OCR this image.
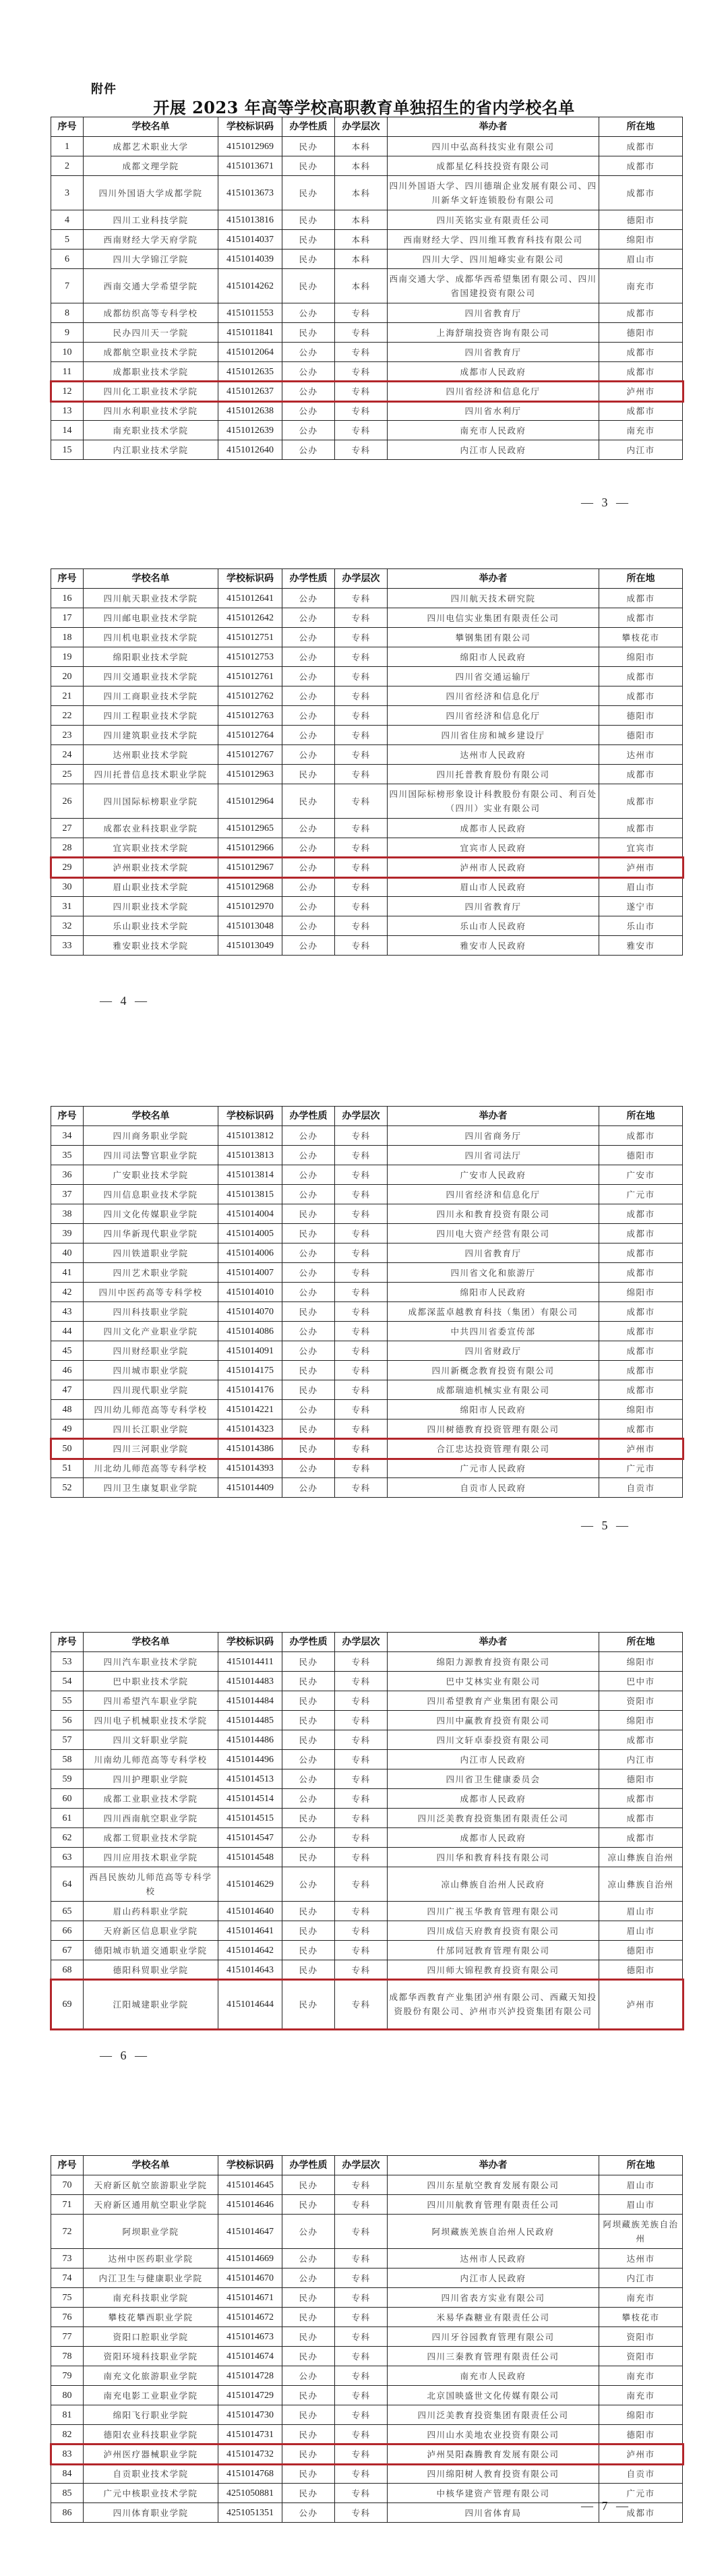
附件
开展 2023 年高等学校高职教育单独招生的省内学校名单
序号	学校名单	学校标识码	办学性质	办学层次	举办者	所在地
1	成都艺术职业大学	4151012969	民办	本科	四川中弘高科技实业有限公司	成都市
2	成都文理学院	4151013671	民办	本科	成都星亿科技投资有限公司	成都市
3	四川外国语大学成都学院	4151013673	民办	本科	四川外国语大学、四川德瑞企业发展有限公司、四川新华文轩连锁股份有限公司	成都市
4	四川工业科技学院	4151013816	民办	本科	四川芙铭实业有限责任公司	德阳市
5	西南财经大学天府学院	4151014037	民办	本科	西南财经大学、四川维耳教育科技有限公司	绵阳市
6	四川大学锦江学院	4151014039	民办	本科	四川大学、四川旭峰实业有限公司	眉山市
7	西南交通大学希望学院	4151014262	民办	本科	西南交通大学、成都华西希望集团有限公司、四川省国建投资有限公司	南充市
8	成都纺织高等专科学校	4151011553	公办	专科	四川省教育厅	成都市
9	民办四川天一学院	4151011841	民办	专科	上海舒瑞投资咨询有限公司	德阳市
10	成都航空职业技术学院	4151012064	公办	专科	四川省教育厅	成都市
11	成都职业技术学院	4151012635	公办	专科	成都市人民政府	成都市
12	四川化工职业技术学院	4151012637	公办	专科	四川省经济和信息化厅	泸州市
13	四川水利职业技术学院	4151012638	公办	专科	四川省水利厅	成都市
14	南充职业技术学院	4151012639	公办	专科	南充市人民政府	南充市
15	内江职业技术学院	4151012640	公办	专科	内江市人民政府	内江市
— 3 —
序号	学校名单	学校标识码	办学性质	办学层次	举办者	所在地
16	四川航天职业技术学院	4151012641	公办	专科	四川航天技术研究院	成都市
17	四川邮电职业技术学院	4151012642	公办	专科	四川电信实业集团有限责任公司	成都市
18	四川机电职业技术学院	4151012751	公办	专科	攀钢集团有限公司	攀枝花市
19	绵阳职业技术学院	4151012753	公办	专科	绵阳市人民政府	绵阳市
20	四川交通职业技术学院	4151012761	公办	专科	四川省交通运输厅	成都市
21	四川工商职业技术学院	4151012762	公办	专科	四川省经济和信息化厅	成都市
22	四川工程职业技术学院	4151012763	公办	专科	四川省经济和信息化厅	德阳市
23	四川建筑职业技术学院	4151012764	公办	专科	四川省住房和城乡建设厅	德阳市
24	达州职业技术学院	4151012767	公办	专科	达州市人民政府	达州市
25	四川托普信息技术职业学院	4151012963	民办	专科	四川托普教育股份有限公司	成都市
26	四川国际标榜职业学院	4151012964	民办	专科	四川国际标榜形象设计科教股份有限公司、利百处（四川）实业有限公司	成都市
27	成都农业科技职业学院	4151012965	公办	专科	成都市人民政府	成都市
28	宜宾职业技术学院	4151012966	公办	专科	宜宾市人民政府	宜宾市
29	泸州职业技术学院	4151012967	公办	专科	泸州市人民政府	泸州市
30	眉山职业技术学院	4151012968	公办	专科	眉山市人民政府	眉山市
31	四川职业技术学院	4151012970	公办	专科	四川省教育厅	遂宁市
32	乐山职业技术学院	4151013048	公办	专科	乐山市人民政府	乐山市
33	雅安职业技术学院	4151013049	公办	专科	雅安市人民政府	雅安市
— 4 —
序号	学校名单	学校标识码	办学性质	办学层次	举办者	所在地
34	四川商务职业学院	4151013812	公办	专科	四川省商务厅	成都市
35	四川司法警官职业学院	4151013813	公办	专科	四川省司法厅	德阳市
36	广安职业技术学院	4151013814	公办	专科	广安市人民政府	广安市
37	四川信息职业技术学院	4151013815	公办	专科	四川省经济和信息化厅	广元市
38	四川文化传媒职业学院	4151014004	民办	专科	四川永和教育投资有限公司	成都市
39	四川华新现代职业学院	4151014005	民办	专科	四川电大资产经营有限公司	成都市
40	四川铁道职业学院	4151014006	公办	专科	四川省教育厅	成都市
41	四川艺术职业学院	4151014007	公办	专科	四川省文化和旅游厅	成都市
42	四川中医药高等专科学校	4151014010	公办	专科	绵阳市人民政府	绵阳市
43	四川科技职业学院	4151014070	民办	专科	成都深蓝卓越教育科技（集团）有限公司	成都市
44	四川文化产业职业学院	4151014086	公办	专科	中共四川省委宣传部	成都市
45	四川财经职业学院	4151014091	公办	专科	四川省财政厅	成都市
46	四川城市职业学院	4151014175	民办	专科	四川新概念教育投资有限公司	成都市
47	四川现代职业学院	4151014176	民办	专科	成都瑞迪机械实业有限公司	成都市
48	四川幼儿师范高等专科学校	4151014221	公办	专科	绵阳市人民政府	绵阳市
49	四川长江职业学院	4151014323	民办	专科	四川树德教育投资管理有限公司	成都市
50	四川三河职业学院	4151014386	民办	专科	合江忠达投资管理有限公司	泸州市
51	川北幼儿师范高等专科学校	4151014393	公办	专科	广元市人民政府	广元市
52	四川卫生康复职业学院	4151014409	公办	专科	自贡市人民政府	自贡市
— 5 —
序号	学校名单	学校标识码	办学性质	办学层次	举办者	所在地
53	四川汽车职业技术学院	4151014411	民办	专科	绵阳力源教育投资有限公司	绵阳市
54	巴中职业技术学院	4151014483	民办	专科	巴中艾林实业有限公司	巴中市
55	四川希望汽车职业学院	4151014484	民办	专科	四川希望教育产业集团有限公司	资阳市
56	四川电子机械职业技术学院	4151014485	民办	专科	四川中赢教育投资有限公司	绵阳市
57	四川文轩职业学院	4151014486	民办	专科	四川文轩卓泰投资有限公司	成都市
58	川南幼儿师范高等专科学校	4151014496	公办	专科	内江市人民政府	内江市
59	四川护理职业学院	4151014513	公办	专科	四川省卫生健康委员会	德阳市
60	成都工业职业技术学院	4151014514	公办	专科	成都市人民政府	成都市
61	四川西南航空职业学院	4151014515	民办	专科	四川泛美教育投资集团有限责任公司	成都市
62	成都工贸职业技术学院	4151014547	公办	专科	成都市人民政府	成都市
63	四川应用技术职业学院	4151014548	民办	专科	四川华和教育科技有限公司	凉山彝族自治州
64	西昌民族幼儿师范高等专科学校	4151014629	公办	专科	凉山彝族自治州人民政府	凉山彝族自治州
65	眉山药科职业学院	4151014640	民办	专科	四川广视玉华教育管理有限公司	眉山市
66	天府新区信息职业学院	4151014641	民办	专科	四川成信天府教育投资有限公司	眉山市
67	德阳城市轨道交通职业学院	4151014642	民办	专科	什邡同冠教育管理有限公司	德阳市
68	德阳科贸职业学院	4151014643	民办	专科	四川师大锦程教育投资有限公司	德阳市
69	江阳城建职业学院	4151014644	民办	专科	成都华西教育产业集团泸州有限公司、西藏天知投资股份有限公司、泸州市兴泸投资集团有限公司	泸州市
— 6 —
序号	学校名单	学校标识码	办学性质	办学层次	举办者	所在地
70	天府新区航空旅游职业学院	4151014645	民办	专科	四川东星航空教育发展有限公司	眉山市
71	天府新区通用航空职业学院	4151014646	民办	专科	四川川航教育管理有限责任公司	眉山市
72	阿坝职业学院	4151014647	公办	专科	阿坝藏族羌族自治州人民政府	阿坝藏族羌族自治州
73	达州中医药职业学院	4151014669	公办	专科	达州市人民政府	达州市
74	内江卫生与健康职业学院	4151014670	公办	专科	内江市人民政府	内江市
75	南充科技职业学院	4151014671	民办	专科	四川省表方实业有限公司	南充市
76	攀枝花攀西职业学院	4151014672	民办	专科	米易华森糖业有限责任公司	攀枝花市
77	资阳口腔职业学院	4151014673	民办	专科	四川牙谷园教育管理有限公司	资阳市
78	资阳环境科技职业学院	4151014674	民办	专科	四川三秦教育管理有限责任公司	资阳市
79	南充文化旅游职业学院	4151014728	公办	专科	南充市人民政府	南充市
80	南充电影工业职业学院	4151014729	民办	专科	北京国映盛世文化传媒有限公司	南充市
81	绵阳飞行职业学院	4151014730	民办	专科	四川泛美教育投资集团有限责任公司	绵阳市
82	德阳农业科技职业学院	4151014731	民办	专科	四川山水美地农业投资有限公司	德阳市
83	泸州医疗器械职业学院	4151014732	民办	专科	泸州昊阳森腾教育发展有限公司	泸州市
84	自贡职业技术学院	4151014768	民办	专科	四川绵阳树人教育投资有限公司	自贡市
85	广元中核职业技术学院	4251050881	民办	专科	中核华建资产管理有限公司	广元市
86	四川体育职业学院	4251051351	公办	专科	四川省体育局	成都市
— 7 —
